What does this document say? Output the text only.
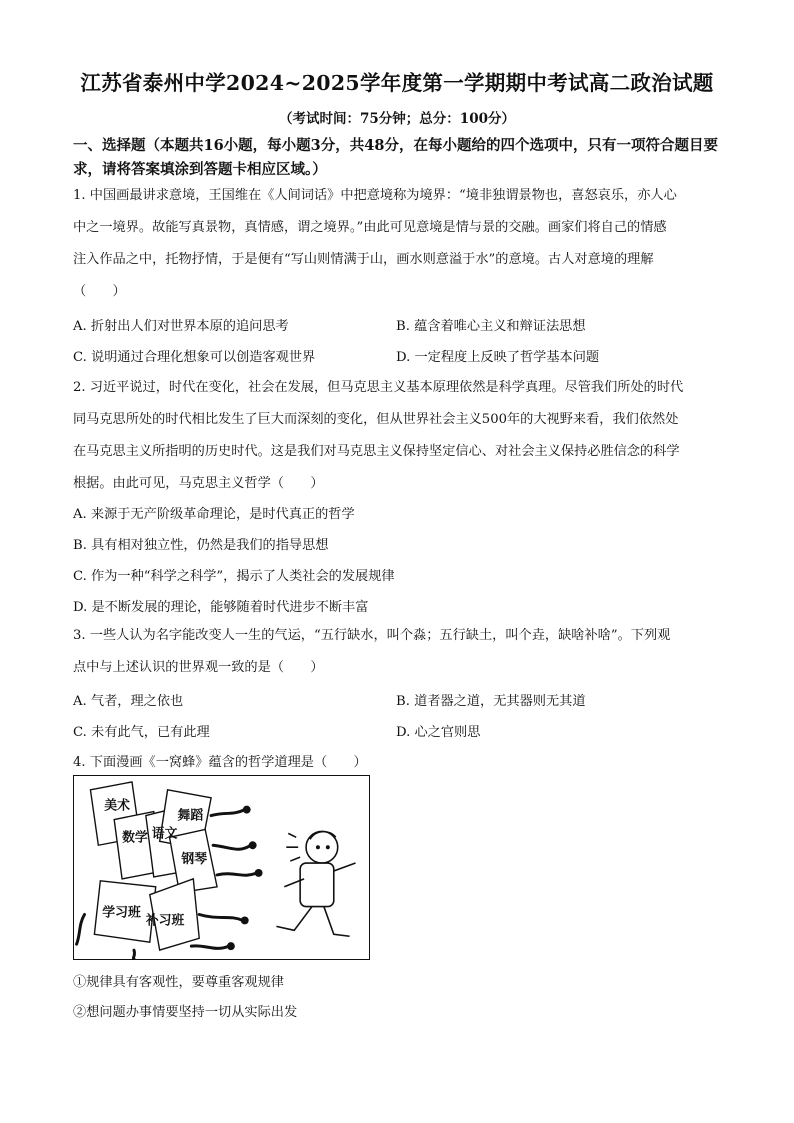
江苏省泰州中学2024~2025学年度第一学期期中考试高二政治试题
（考试时间：75分钟；总分：100分）
一、选择题（本题共16小题，每小题3分，共48分，在每小题给的四个选项中，只有一项符合题目要求，请将答案填涂到答题卡相应区域。）
1. 中国画最讲求意境，王国维在《人间词话》中把意境称为境界：“境非独谓景物也，喜怒哀乐，亦人心
中之一境界。故能写真景物，真情感，谓之境界。”由此可见意境是情与景的交融。画家们将自己的情感
注入作品之中，托物抒情，于是便有“写山则情满于山，画水则意溢于水”的意境。古人对意境的理解
（　　）
A. 折射出人们对世界本原的追问思考	B. 蕴含着唯心主义和辩证法思想
C. 说明通过合理化想象可以创造客观世界	D. 一定程度上反映了哲学基本问题
2. 习近平说过，时代在变化，社会在发展，但马克思主义基本原理依然是科学真理。尽管我们所处的时代
同马克思所处的时代相比发生了巨大而深刻的变化，但从世界社会主义500年的大视野来看，我们依然处
在马克思主义所指明的历史时代。这是我们对马克思主义保持坚定信心、对社会主义保持必胜信念的科学
根据。由此可见，马克思主义哲学（　　）
A. 来源于无产阶级革命理论，是时代真正的哲学
B. 具有相对独立性，仍然是我们的指导思想
C. 作为一种“科学之科学”，揭示了人类社会的发展规律
D. 是不断发展的理论，能够随着时代进步不断丰富
3. 一些人认为名字能改变人一生的气运，“五行缺水，叫个淼；五行缺土，叫个垚，缺啥补啥”。下列观
点中与上述认识的世界观一致的是（　　）
A. 气者，理之依也	B. 道者器之道，无其器则无其道
C. 未有此气，已有此理	D. 心之官则思
4. 下面漫画《一窝蜂》蕴含的哲学道理是（　　）
美术
数学 语文
舞蹈
钢琴
学习班
补习班
①规律具有客观性，要尊重客观规律
②想问题办事情要坚持一切从实际出发
